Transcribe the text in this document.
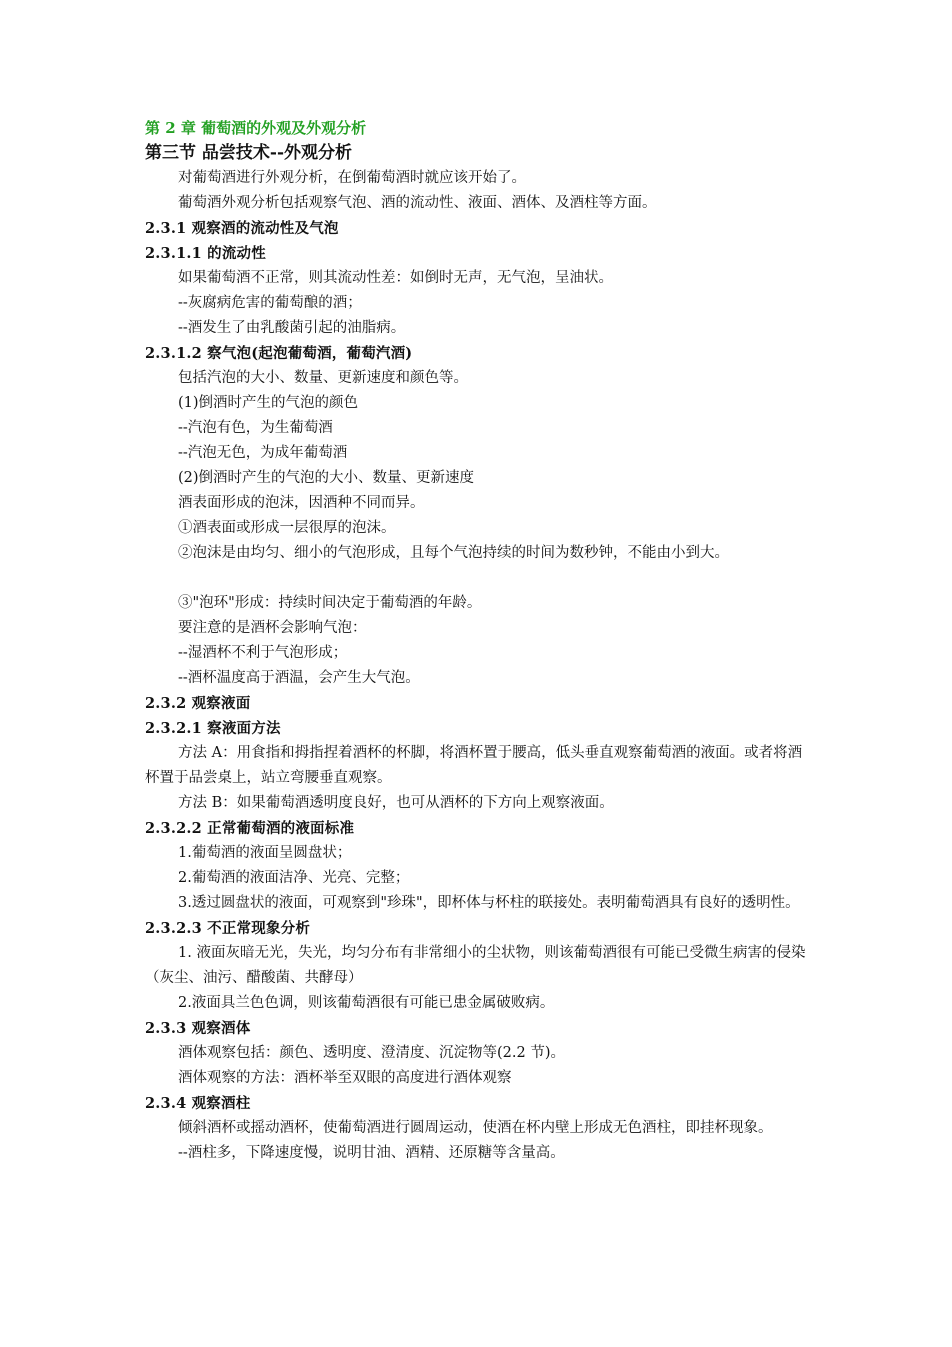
第 2 章 葡萄酒的外观及外观分析
第三节 品尝技术--外观分析
对葡萄酒进行外观分析，在倒葡萄酒时就应该开始了。
葡萄酒外观分析包括观察气泡、酒的流动性、液面、酒体、及酒柱等方面。
2.3.1 观察酒的流动性及气泡
2.3.1.1 的流动性
如果葡萄酒不正常，则其流动性差：如倒时无声，无气泡，呈油状。
--灰腐病危害的葡萄酿的酒；
--酒发生了由乳酸菌引起的油脂病。
2.3.1.2 察气泡(起泡葡萄酒，葡萄汽酒)
包括汽泡的大小、数量、更新速度和颜色等。
(1)倒酒时产生的气泡的颜色
--汽泡有色，为生葡萄酒
--汽泡无色，为成年葡萄酒
(2)倒酒时产生的气泡的大小、数量、更新速度
酒表面形成的泡沫，因酒种不同而异。
①酒表面或形成一层很厚的泡沫。
②泡沫是由均匀、细小的气泡形成，且每个气泡持续的时间为数秒钟，不能由小到大。
③"泡环"形成：持续时间决定于葡萄酒的年龄。
要注意的是酒杯会影响气泡：
--湿酒杯不利于气泡形成；
--酒杯温度高于酒温，会产生大气泡。
2.3.2 观察液面
2.3.2.1 察液面方法
方法 A：用食指和拇指捏着酒杯的杯脚，将酒杯置于腰高，低头垂直观察葡萄酒的液面。或者将酒杯置于品尝桌上，站立弯腰垂直观察。
方法 B：如果葡萄酒透明度良好，也可从酒杯的下方向上观察液面。
2.3.2.2 正常葡萄酒的液面标准
1.葡萄酒的液面呈圆盘状；
2.葡萄酒的液面洁净、光亮、完整；
3.透过圆盘状的液面，可观察到"珍珠"，即杯体与杯柱的联接处。表明葡萄酒具有良好的透明性。
2.3.2.3 不正常现象分析
1. 液面灰暗无光，失光，均匀分布有非常细小的尘状物，则该葡萄酒很有可能已受微生病害的侵染（灰尘、油污、醋酸菌、共酵母）
2.液面具兰色色调，则该葡萄酒很有可能已患金属破败病。
2.3.3 观察酒体
酒体观察包括：颜色、透明度、澄清度、沉淀物等(2.2 节)。
酒体观察的方法：酒杯举至双眼的高度进行酒体观察
2.3.4 观察酒柱
倾斜酒杯或摇动酒杯，使葡萄酒进行圆周运动，使酒在杯内壁上形成无色酒柱，即挂杯现象。
--酒柱多，下降速度慢，说明甘油、酒精、还原糖等含量高。
